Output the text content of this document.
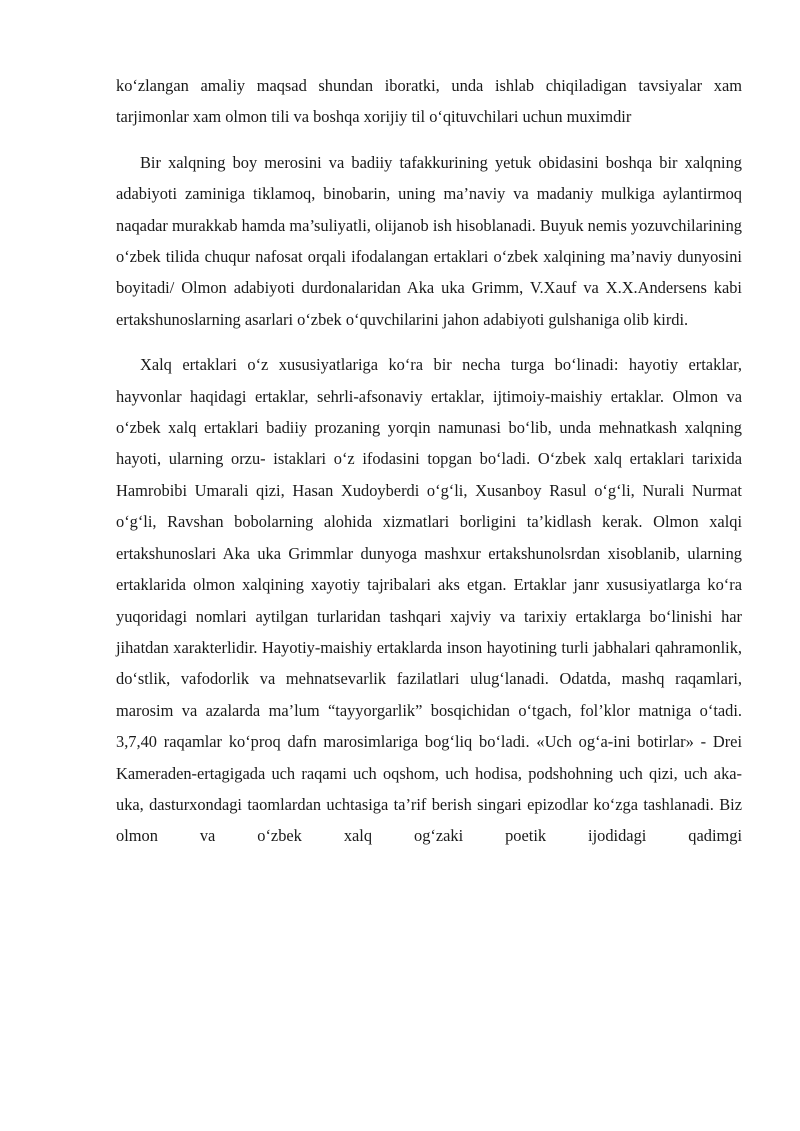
ko‘zlangan amaliy maqsad shundan iboratki, unda ishlab chiqiladigan tavsiyalar xam tarjimonlar xam olmon tili va boshqa xorijiy til o‘qituvchilari uchun muximdir

Bir xalqning boy merosini va badiiy tafakkurining yetuk obidasini boshqa bir xalqning adabiyoti zaminiga tiklamoq, binobarin, uning ma’naviy va madaniy mulkiga aylantirmoq naqadar murakkab hamda ma’suliyatli, olijanob ish hisoblanadi. Buyuk nemis yozuvchilarining o‘zbek tilida chuqur nafosat orqali ifodalangan ertaklari o‘zbek xalqining ma’naviy dunyosini boyitadi/ Olmon adabiyoti durdonalaridan Aka uka Grimm, V.Xauf va X.X.Andersens kabi ertakshunoslarning asarlari o‘zbek o‘quvchilarini jahon adabiyoti gulshaniga olib kirdi.

Xalq ertaklari o‘z xususiyatlariga ko‘ra bir necha turga bo‘linadi: hayotiy ertaklar, hayvonlar haqidagi ertaklar, sehrli-afsonaviy ertaklar, ijtimoiy-maishiy ertaklar. Olmon va o‘zbek xalq ertaklari badiiy prozaning yorqin namunasi bo‘lib, unda mehnatkash xalqning hayoti, ularning orzu- istaklari o‘z ifodasini topgan bo‘ladi. O‘zbek xalq ertaklari tarixida Hamrobibi Umarali qizi, Hasan Xudoyberdi o‘g‘li, Xusanboy Rasul o‘g‘li, Nurali Nurmat o‘g‘li, Ravshan bobolarning alohida xizmatlari borligini ta’kidlash kerak. Olmon xalqi ertakshunoslari Aka uka Grimmlar dunyoga mashxur ertakshunolsrdan xisoblanib, ularning ertaklarida olmon xalqining xayotiy tajribalari aks etgan. Ertaklar janr xususiyatlarga ko‘ra yuqoridagi nomlari aytilgan turlaridan tashqari xajviy va tarixiy ertaklarga bo‘linishi har jihatdan xarakterlidir. Hayotiy-maishiy ertaklarda inson hayotining turli jabhalari qahramonlik, do‘stlik, vafodorlik va mehnatsevarlik fazilatlari ulug‘lanadi. Odatda, mashq raqamlari, marosim va azalarda ma’lum “tayyorgarlik” bosqichidan o‘tgach, fol’klor matniga o‘tadi. 3,7,40 raqamlar ko‘proq dafn marosimlariga bog‘liq bo‘ladi. «Uch og‘a-ini botirlar» - Drei Kameraden-ertagigada uch raqami uch oqshom, uch hodisa, podshohning uch qizi, uch aka-uka, dasturxondagi taomlardan uchtasiga ta’rif berish singari epizodlar ko‘zga tashlanadi. Biz olmon va o‘zbek xalq og‘zaki poetik ijodidagi qadimgi
